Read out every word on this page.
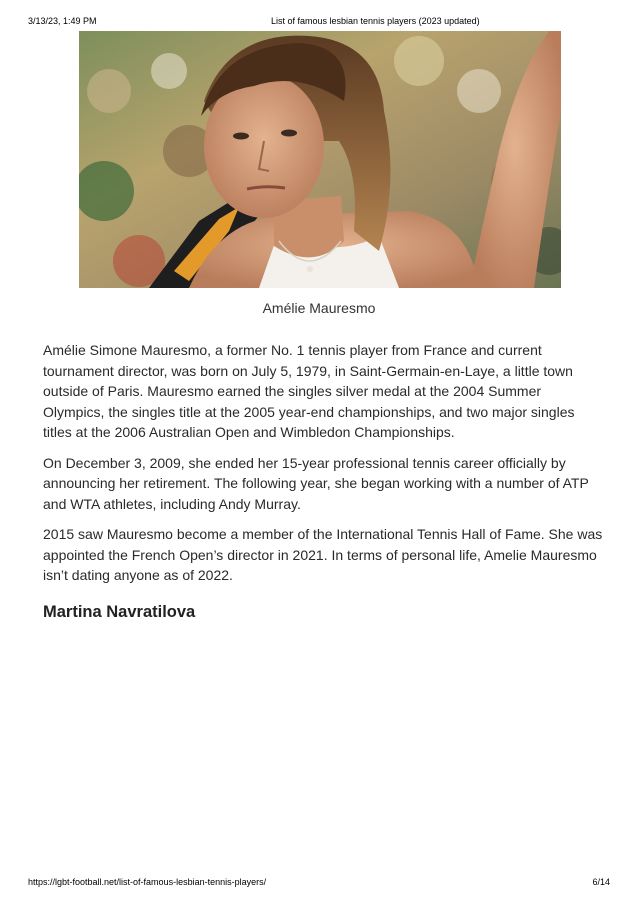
3/13/23, 1:49 PM	List of famous lesbian tennis players (2023 updated)
Amélie Mauresmo

Amélie Simone Mauresmo, a former No. 1 tennis player from France and current tournament director, was born on July 5, 1979, in Saint-Germain-en-Laye, a little town outside of Paris. Mauresmo earned the singles silver medal at the 2004 Summer Olympics, the singles title at the 2005 year-end championships, and two major singles titles at the 2006 Australian Open and Wimbledon Championships.

On December 3, 2009, she ended her 15-year professional tennis career officially by announcing her retirement. The following year, she began working with a number of ATP and WTA athletes, including Andy Murray.

2015 saw Mauresmo become a member of the International Tennis Hall of Fame. She was appointed the French Open’s director in 2021. In terms of personal life, Amelie Mauresmo isn’t dating anyone as of 2022.

Martina Navratilova
https://lgbt-football.net/list-of-famous-lesbian-tennis-players/	6/14
